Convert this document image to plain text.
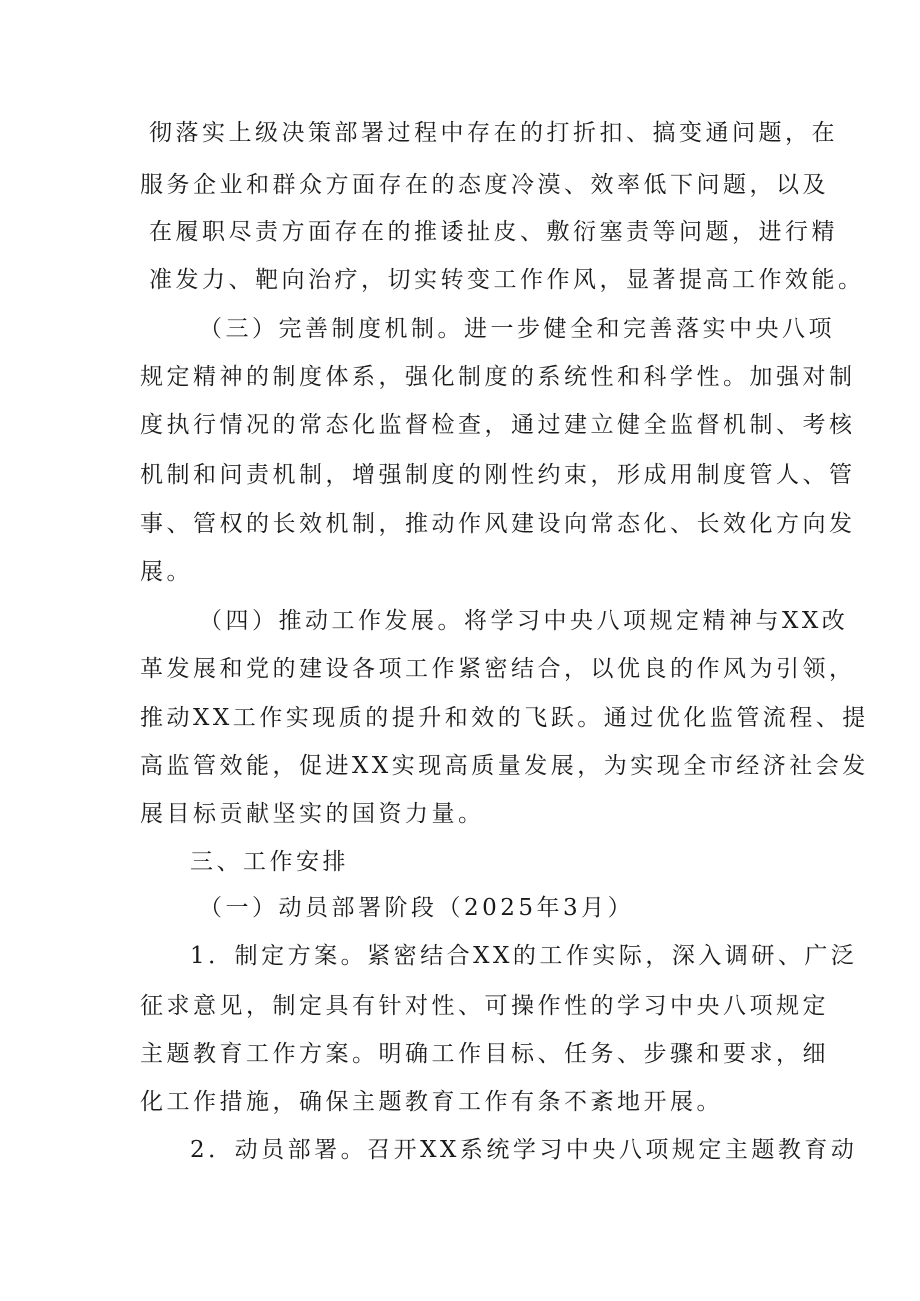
彻落实上级决策部署过程中存在的打折扣、搞变通问题，在
服务企业和群众方面存在的态度冷漠、效率低下问题，以及
在履职尽责方面存在的推诿扯皮、敷衍塞责等问题，进行精
准发力、靶向治疗，切实转变工作作风，显著提高工作效能。
（三）完善制度机制。进一步健全和完善落实中央八项
规定精神的制度体系，强化制度的系统性和科学性。加强对制
度执行情况的常态化监督检查，通过建立健全监督机制、考核
机制和问责机制，增强制度的刚性约束，形成用制度管人、管
事、管权的长效机制，推动作风建设向常态化、长效化方向发
展。
（四）推动工作发展。将学习中央八项规定精神与XX改
革发展和党的建设各项工作紧密结合，以优良的作风为引领，
推动XX工作实现质的提升和效的飞跃。通过优化监管流程、提
高监管效能，促进XX实现高质量发展，为实现全市经济社会发
展目标贡献坚实的国资力量。
三、工作安排
（一）动员部署阶段（2025年3月）
1．制定方案。紧密结合XX的工作实际，深入调研、广泛
征求意见，制定具有针对性、可操作性的学习中央八项规定
主题教育工作方案。明确工作目标、任务、步骤和要求，细
化工作措施，确保主题教育工作有条不紊地开展。
2．动员部署。召开XX系统学习中央八项规定主题教育动
